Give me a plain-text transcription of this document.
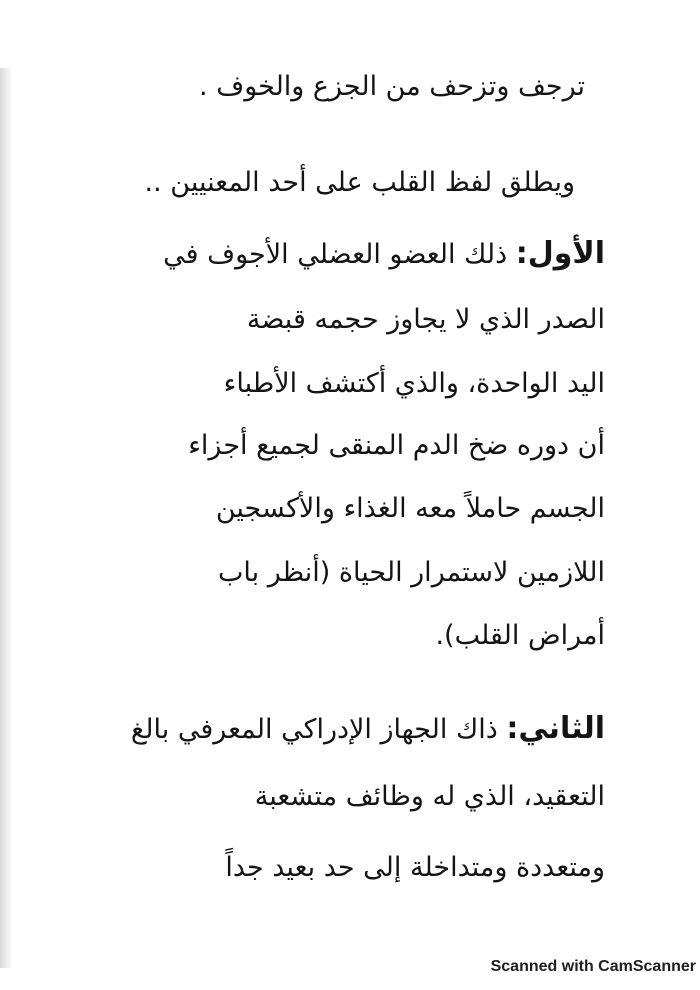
ترجف وتزحف من الجزع والخوف .
ويطلق لفظ القلب على أحد المعنيين ..
الأول: ذلك العضو العضلي الأجوف في
الصدر الذي لا يجاوز حجمه قبضة
اليد الواحدة، والذي أكتشف الأطباء
أن دوره ضخ الدم المنقى لجميع أجزاء
الجسم حاملاً معه الغذاء والأكسجين
اللازمين لاستمرار الحياة (أنظر باب
أمراض القلب).
الثاني: ذاك الجهاز الإدراكي المعرفي بالغ
التعقيد، الذي له وظائف متشعبة
ومتعددة ومتداخلة إلى حد بعيد جداً
Scanned with CamScanner
